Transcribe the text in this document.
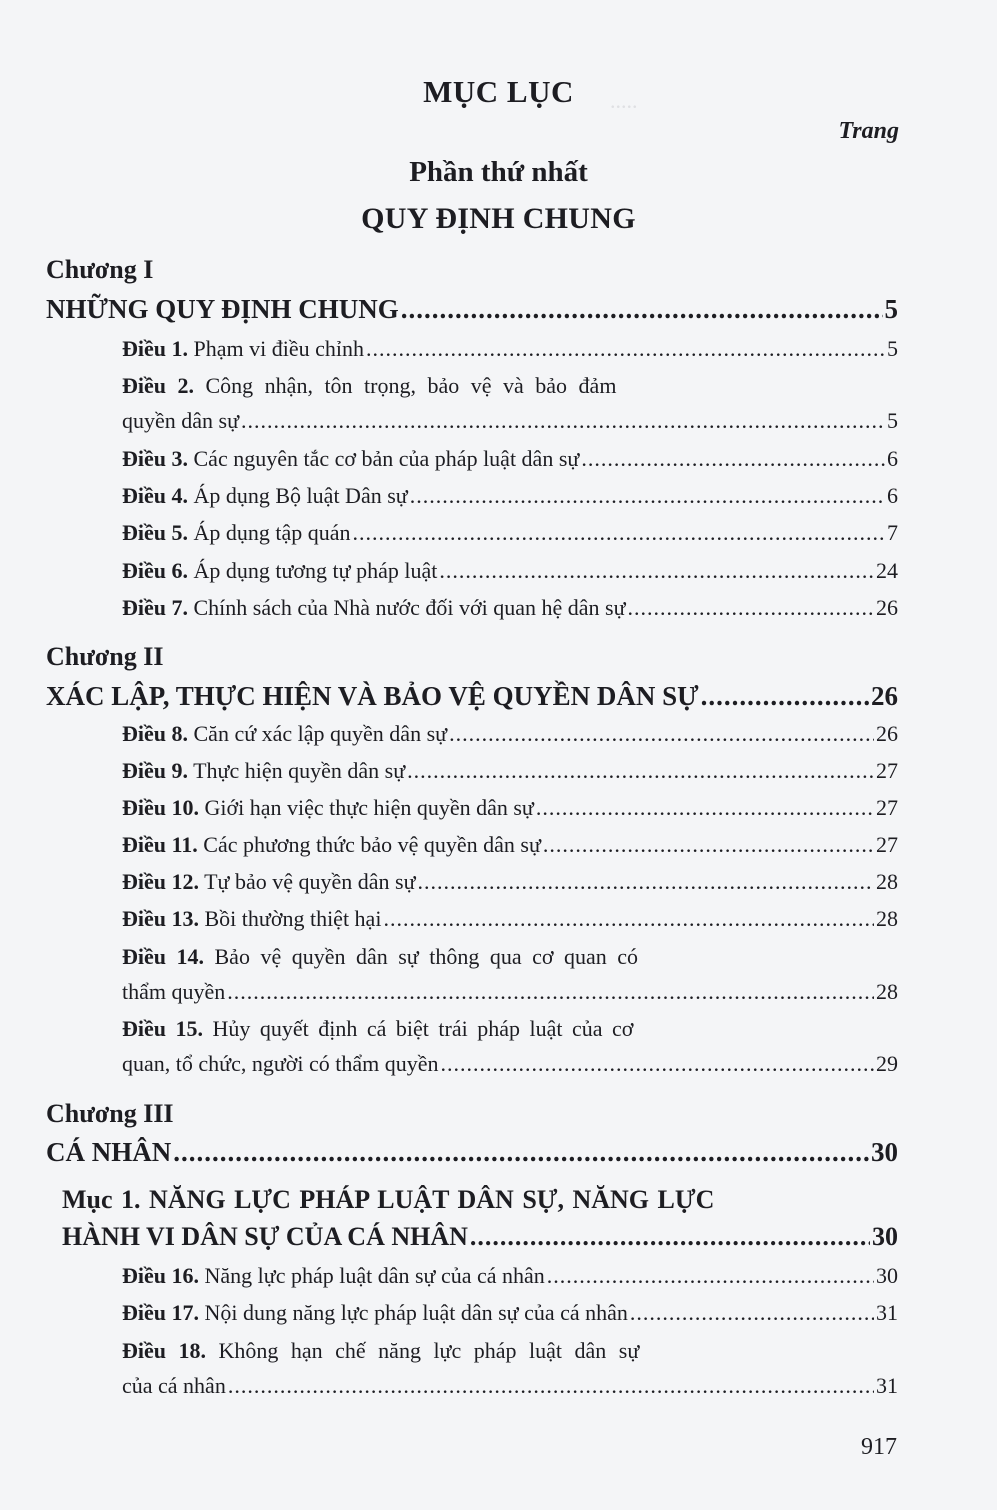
.....
MỤC LỤC
Trang
Phần thứ nhất
QUY ĐỊNH CHUNG
Chương I
NHỮNG QUY ĐỊNH CHUNG .....	5
Điều 1. Phạm vi điều chỉnh .....	5
Điều 2. Công nhận, tôn trọng, bảo vệ và bảo đảm
quyền dân sự .....	5
Điều 3. Các nguyên tắc cơ bản của pháp luật dân sự .....	6
Điều 4. Áp dụng Bộ luật Dân sự .....	6
Điều 5. Áp dụng tập quán .....	7
Điều 6. Áp dụng tương tự pháp luật .....	24
Điều 7. Chính sách của Nhà nước đối với quan hệ dân sự .....	26
Chương II
XÁC LẬP, THỰC HIỆN VÀ BẢO VỆ QUYỀN DÂN SỰ .....	26
Điều 8. Căn cứ xác lập quyền dân sự .....	26
Điều 9. Thực hiện quyền dân sự .....	27
Điều 10. Giới hạn việc thực hiện quyền dân sự .....	27
Điều 11. Các phương thức bảo vệ quyền dân sự .....	27
Điều 12. Tự bảo vệ quyền dân sự .....	28
Điều 13. Bồi thường thiệt hại .....	28
Điều 14. Bảo vệ quyền dân sự thông qua cơ quan có
thẩm quyền .....	28
Điều 15. Hủy quyết định cá biệt trái pháp luật của cơ
quan, tổ chức, người có thẩm quyền .....	29
Chương III
CÁ NHÂN .....	30
Mục 1. NĂNG LỰC PHÁP LUẬT DÂN SỰ, NĂNG LỰC
HÀNH VI DÂN SỰ CỦA CÁ NHÂN .....	30
Điều 16. Năng lực pháp luật dân sự của cá nhân .....	30
Điều 17. Nội dung năng lực pháp luật dân sự của cá nhân .....	31
Điều 18. Không hạn chế năng lực pháp luật dân sự
của cá nhân .....	31
917
